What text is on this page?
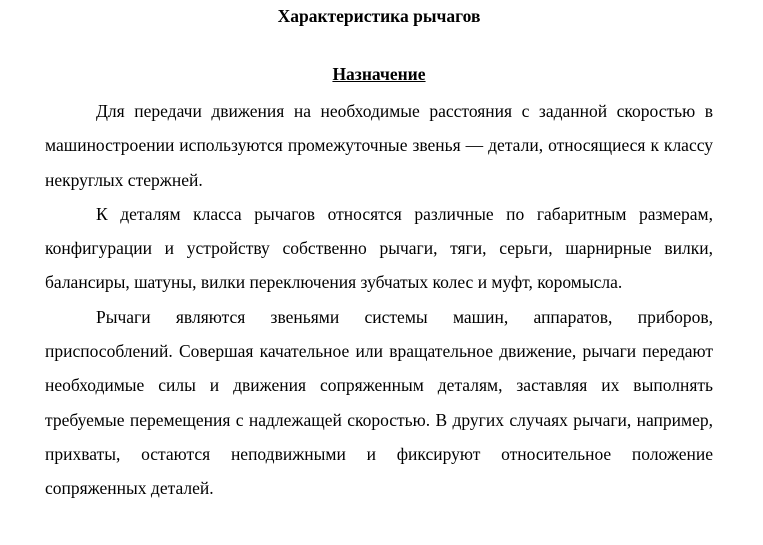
Характеристика рычагов
Назначение

Для передачи движения на необходимые расстояния с заданной скоростью в машиностроении используются промежуточные звенья — детали, относящиеся к классу некруглых стержней.

К деталям класса рычагов относятся различные по габаритным размерам, конфигурации и устройству собственно рычаги, тяги, серьги, шарнирные вилки, балансиры, шатуны, вилки переключения зубчатых колес и муфт, коромысла.

Рычаги являются звеньями системы машин, аппаратов, приборов, приспособлений. Совершая качательное или вращательное движение, рычаги передают необходимые силы и движения сопряженным деталям, заставляя их выполнять требуемые перемещения с надлежащей скоростью. В других случаях рычаги, например, прихваты, остаются неподвижными и фиксируют относительное положение сопряженных деталей.
